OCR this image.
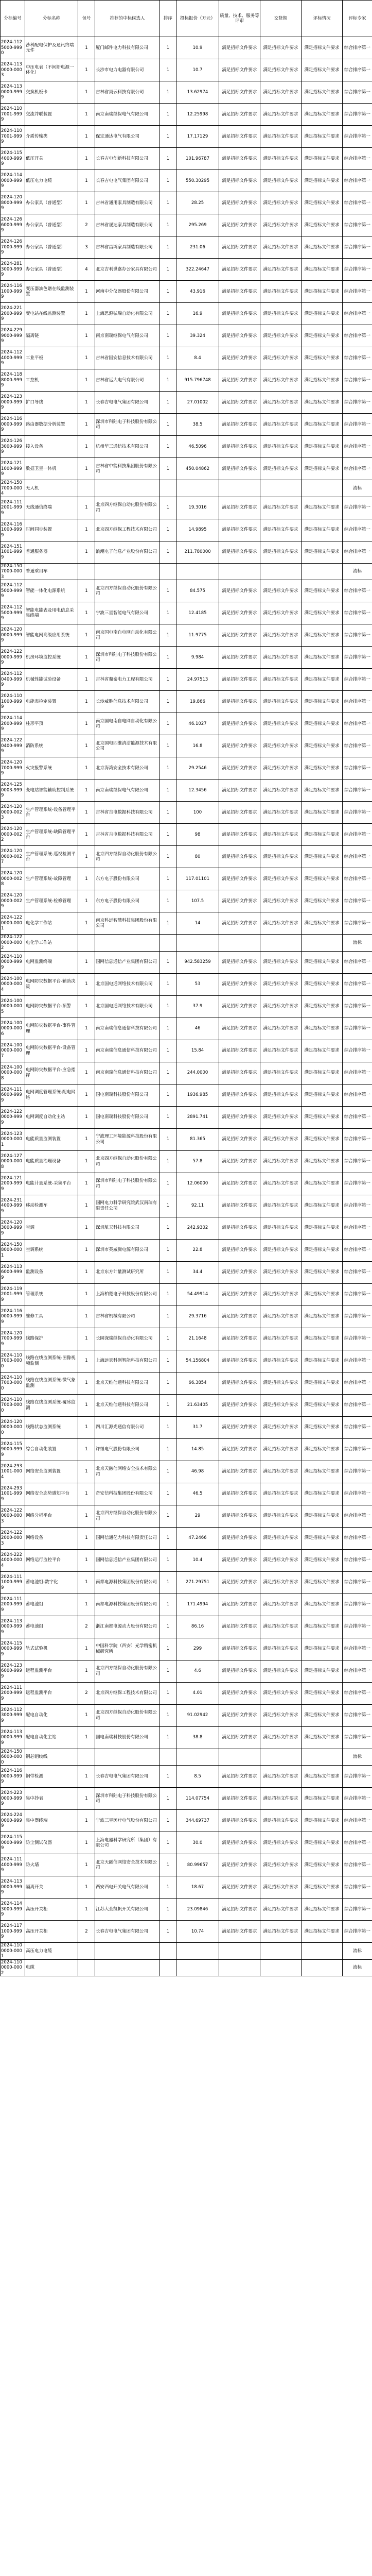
分标编号	分标名称	包号	推荐的中标候选人	排序	投标报价（万元）	质量、技术、服务等评审	交货期	评标情况	评标专家
2024-1125000-9990	沙科配电保护及通讯终端元件	1	厦门邮件电力科技有限公司	1	10.9	满足招标文件要求	满足招标文件要求	满足招标文件要求	综合排序第一
2024-1130000-0003	中压电表（不间断电源一体化）	1	长沙市电力电器有限公司	1	10.7	满足招标文件要求	满足招标文件要求	满足招标文件要求	综合排序第一
2024-1130000-9999	交换机板卡	1	吉林省昊云科技有限公司	1	13.62974	满足招标文件要求	满足招标文件要求	满足招标文件要求	综合排序第一
2024-1107001-9999	交流并联装置	1	南京南瑞继保电气有限公司	1	12.25998	满足招标文件要求	满足招标文件要求	满足招标文件要求	综合排序第一
2024-1107001-9999	介质传输类	1	保定通达电气有限公司	1	17.17129	满足招标文件要求	满足招标文件要求	满足招标文件要求	综合排序第一
2024-1154000-9999	低压开关	1	长春吉电创新科技有限公司	1	101.96787	满足招标文件要求	满足招标文件要求	满足招标文件要求	综合排序第一
2024-1140000-9999	低压电力电缆	1	长春吉电电气集团有限公司	1	550.30295	满足招标文件要求	满足招标文件要求	满足招标文件要求	综合排序第一
2024-1208000-9999	办公家具（普通型）	1	吉林省通用家具制造有限公司	1	28.25	满足招标文件要求	满足招标文件要求	满足招标文件要求	综合排序第一
2024-1266000-9999	办公家具（普通型）	2	吉林省晟达家具制造有限公司	1	295.269	满足招标文件要求	满足招标文件要求	满足招标文件要求	综合排序第一
2024-1267000-9999	办公家具（普通型）	3	吉林省昌鸿家具制造有限公司	1	231.06	满足招标文件要求	满足招标文件要求	满足招标文件要求	综合排序第一
2024-2813000-9999	办公家具（普通型）	4	北京吉利世嘉办公家具有限公司	1	322.24647	满足招标文件要求	满足招标文件要求	满足招标文件要求	综合排序第一
2024-1161000-9999	变压器油色谱在线监测装置	1	河南中分仪器股份有限公司	1	43.916	满足招标文件要求	满足招标文件要求	满足招标文件要求	综合排序第一
2024-2212000-9999	变电站在线监测装置	1	上海思源弘瑞自动化有限公司	1	16.9	满足招标文件要求	满足招标文件要求	满足招标文件要求	综合排序第一
2024-2299000-9999	隔离链	1	南京南瑞继保电气有限公司	1	39.324	满足招标文件要求	满足招标文件要求	满足招标文件要求	综合排序第一
2024-1124000-9999	工业平板	1	吉林省国安信息技术有限公司	1	8.4	满足招标文件要求	满足招标文件要求	满足招标文件要求	综合排序第一
2024-1188000-9999	工控机	1	吉林省远大电气有限公司	1	915.796748	满足招标文件要求	满足招标文件要求	满足招标文件要求	综合排序第一
2024-1230000-9999	扩口导线	1	长春吉电电气集团有限公司	1	27.01002	满足招标文件要求	满足招标文件要求	满足招标文件要求	综合排序第一
2024-1160000-9999	路由器数据分析装置	1	深圳市科陆电子科技股份有限公司	1	38.5	满足招标文件要求	满足招标文件要求	满足招标文件要求	综合排序第一
2024-1263000-9999	接入设备	1	杭州华三通信技术有限公司	1	46.5096	满足招标文件要求	满足招标文件要求	满足招标文件要求	综合排序第一
2024-1211000-9999	数据卫星一体机	1	吉林省中能科技集团股份有限公司	1	450.04862	满足招标文件要求	满足招标文件要求	满足招标文件要求	综合排序第一
2024-1507000-0004	无人机								流标
2024-1112001-9999	无线通信终端	1	北京四方继保自动化股份有限公司	1	19.3016	满足招标文件要求	满足招标文件要求	满足招标文件要求	综合排序第一
2024-1161000-9999	时间同步装置	1	北京四方继保工程技术有限公司	1	14.9895	满足招标文件要求	满足招标文件要求	满足招标文件要求	综合排序第一
2024-1511001-9999	普通服务器	1	浪潮电子信息产业股份有限公司	1	211.780000	满足招标文件要求	满足招标文件要求	满足招标文件要求	综合排序第一
2024-1507000-0003	普通乘用车								流标
2024-1125000-9999	智能一体化电源系统	1	北京四方继保自动化股份有限公司	1	84.575	满足招标文件要求	满足招标文件要求	满足招标文件要求	综合排序第一
2024-1125000-9999	智能电能表及用电信息采集终端	1	宁波三星智能电气有限公司	1	12.4185	满足招标文件要求	满足招标文件要求	满足招标文件要求	综合排序第一
2024-1200000-9999	智能电网高级应用系统	1	南京国电南自电网自动化有限公司	1	11.9775	满足招标文件要求	满足招标文件要求	满足招标文件要求	综合排序第一
2024-1220000-9999	机房环境监控系统	1	深圳市科陆电子科技股份有限公司	1	9.984	满足招标文件要求	满足招标文件要求	满足招标文件要求	综合排序第一
2024-1120400-9999	机械性能试验设备	1	吉林省鼎泰电力工程有限公司	1	24.97513	满足招标文件要求	满足招标文件要求	满足招标文件要求	综合排序第一
2024-1101000-9999	电能表检定装置	1	长沙威胜信息技术有限公司	1	19.866	满足招标文件要求	满足招标文件要求	满足招标文件要求	综合排序第一
2024-1142000-9999	柱形平顶	1	南京国电南自电网自动化有限公司	1	46.1027	满足招标文件要求	满足招标文件要求	满足招标文件要求	综合排序第一
2024-1220400-9999	消防系统	1	北京国电四维清洁能源技术有限公司	1	16.8	满足招标文件要求	满足招标文件要求	满足招标文件要求	综合排序第一
2024-1207000-9999	火灾报警系统	1	北京海湾安全技术有限公司	1	29.2546	满足招标文件要求	满足招标文件要求	满足招标文件要求	综合排序第一
2024-1250003-9999	变电站智能辅助控制系统	1	南京南瑞继保电气有限公司	1	12.3456	满足招标文件要求	满足招标文件要求	满足招标文件要求	综合排序第一
2024-1200000-0023	生产管理系统-设备管理平台	1	吉林省吉电数据科技有限公司	1	100	满足招标文件要求	满足招标文件要求	满足招标文件要求	综合排序第一
2024-1200000-0022	生产管理系统-缺陷管理平台	1	吉林省吉电数据科技有限公司	1	98	满足招标文件要求	满足招标文件要求	满足招标文件要求	综合排序第一
2024-1200000-0027	生产管理系统-巡视检测平台	1	北京四方继保自动化股份有限公司	1	80	满足招标文件要求	满足招标文件要求	满足招标文件要求	综合排序第一
2024-1200000-0028	生产管理系统-故障管理	1	东方电子股份有限公司	1	117.01101	满足招标文件要求	满足招标文件要求	满足招标文件要求	综合排序第一
2024-1200000-0029	生产管理系统-检修管理	1	东方电子股份有限公司	1	107.5	满足招标文件要求	满足招标文件要求	满足招标文件要求	综合排序第一
2024-1220000-0001	电化学工作站	1	南京科远智慧科技集团股份有限公司	1	14	满足招标文件要求	满足招标文件要求	满足招标文件要求	综合排序第一
2024-1220000-0002	电化学工作站								流标
2024-1100000-9999	电网监测终端	1	国网信息通信产业集团有限公司	1	942.583259	满足招标文件要求	满足招标文件要求	满足招标文件要求	综合排序第一
2024-1000000-0004	电网防灾数据平台-辅助决策	1	北京国电通网络技术有限公司	1	53	满足招标文件要求	满足招标文件要求	满足招标文件要求	综合排序第一
2024-1000000-0005	电网防灾数据平台-预警	1	北京国电通网络技术有限公司	1	37.9	满足招标文件要求	满足招标文件要求	满足招标文件要求	综合排序第一
2024-1000000-0006	电网防灾数据平台-事件管理	1	南京南瑞信息通信科技有限公司	1	46	满足招标文件要求	满足招标文件要求	满足招标文件要求	综合排序第一
2024-1000000-0007	电网防灾数据平台-设备管理	1	南京南瑞信息通信科技有限公司	1	15.84	满足招标文件要求	满足招标文件要求	满足招标文件要求	综合排序第一
2024-1000000-0008	电网防灾数据平台-应急指挥	1	南京南瑞信息通信科技有限公司	1	244.0000	满足招标文件要求	满足招标文件要求	满足招标文件要求	综合排序第一
2024-1116000-9999	电网调度管理系统-配电网络	1	国电南瑞科技股份有限公司	1	1936.985	满足招标文件要求	满足招标文件要求	满足招标文件要求	综合排序第一
2024-1220000-9999	电网调度自动化主站	1	国电南瑞科技股份有限公司	1	2891.741	满足招标文件要求	满足招标文件要求	满足招标文件要求	综合排序第一
2024-1230000-0001	电能质量监测装置	1	宁波理工环境能源科技股份有限公司	1	81.365	满足招标文件要求	满足招标文件要求	满足招标文件要求	综合排序第一
2024-1270000-0008	电能质量治理设备	1	北京四方继保自动化股份有限公司	1	57.8	满足招标文件要求	满足招标文件要求	满足招标文件要求	综合排序第一
2024-1212000-9999	电能计量系统-采集平台	1	深圳市科陆电子科技股份有限公司	1	12.06000	满足招标文件要求	满足招标文件要求	满足招标文件要求	综合排序第一
2024-2314000-9999	移动检测车	1	国网电力科学研究院武汉南瑞有限责任公司	1	92.11	满足招标文件要求	满足招标文件要求	满足招标文件要求	综合排序第一
2024-1203000-9999	空调	1	深圳航天科技有限公司	1	242.9302	满足招标文件要求	满足招标文件要求	满足招标文件要求	综合排序第一
2024-1508000-0001	空调系统	1	深圳市英威腾电源有限公司	1	22.8	满足招标文件要求	满足招标文件要求	满足招标文件要求	综合排序第一
2024-1136000-9999	监测设备	1	北京东方计量测试研究所	1	34.4	满足招标文件要求	满足招标文件要求	满足招标文件要求	综合排序第一
2024-1192001-9999	管理系统	1	上海柏楚电子科技股份有限公司	1	54.49914	满足招标文件要求	满足招标文件要求	满足招标文件要求	综合排序第一
2024-1160000-9999	维修工具	1	吉林省机械有限公司	1	29.3716	满足招标文件要求	满足招标文件要求	满足招标文件要求	综合排序第一
2024-1207000-9999	线路保护	1	长园深瑞继保自动化有限公司	1	21.1648	满足招标文件要求	满足招标文件要求	满足招标文件要求	综合排序第一
2024-1107003-0000	线路在线监测系统-图像视频监测	1	上海远景科创智能科技有限公司	1	54.156804	满足招标文件要求	满足招标文件要求	满足招标文件要求	综合排序第一
2024-1107003-0000	线路在线监测系统-微气象监测	1	北京天维信通科技有限公司	1	66.3854	满足招标文件要求	满足招标文件要求	满足招标文件要求	综合排序第一
2024-1107003-0000	线路在线监测系统-覆冰监测	1	北京天维信通科技有限公司	1	21.63405	满足招标文件要求	满足招标文件要求	满足招标文件要求	综合排序第一
2024-1200000-0000	线路状态监测系统	1	四川汇源光通信有限公司	1	31.7	满足招标文件要求	满足招标文件要求	满足招标文件要求	综合排序第一
2024-1159000-9999	综合自动化装置	1	许继电气股份有限公司	1	14.85	满足招标文件要求	满足招标文件要求	满足招标文件要求	综合排序第一
2024-2931001-0004	网络安全监测装置	1	北京天融信网络安全技术有限公司	1	46.98	满足招标文件要求	满足招标文件要求	满足招标文件要求	综合排序第一
2024-2931001-9999	网络安全态势感知平台	1	奇安信科技集团股份有限公司	1	46.5	满足招标文件要求	满足招标文件要求	满足招标文件要求	综合排序第一
2024-1220000-0003	网络分析平台	1	北京四方继保自动化股份有限公司	1	29	满足招标文件要求	满足招标文件要求	满足招标文件要求	综合排序第一
2024-1222000-0003	网络设备	1	国网信通亿力科技有限责任公司	1	47.2466	满足招标文件要求	满足招标文件要求	满足招标文件要求	综合排序第一
2024-2224000-0004	网络运行监控平台	1	国网信息通信产业集团有限公司	1	10.4	满足招标文件要求	满足招标文件要求	满足招标文件要求	综合排序第一
2024-1111000-9999	蓄电池组-数字化	1	南都电源科技集团股份有限公司	1	271.29751	满足招标文件要求	满足招标文件要求	满足招标文件要求	综合排序第一
2024-1112000-9999	蓄电池组	1	南都电源科技集团股份有限公司	1	171.4994	满足招标文件要求	满足招标文件要求	满足招标文件要求	综合排序第一
2024-1130000-9999	蓄电池组	2	浙江南都电源动力股份有限公司	1	86.16	满足招标文件要求	满足招标文件要求	满足招标文件要求	综合排序第一
2024-1150000-9999	轨式试验机	1	中国科学院（西安）光学精密机械研究所	1	299	满足招标文件要求	满足招标文件要求	满足招标文件要求	综合排序第一
2024-1236000-9999	远程监测平台	1	北京四方继保自动化股份有限公司	1	4.6	满足招标文件要求	满足招标文件要求	满足招标文件要求	综合排序第一
2024-1112000-9999	远程监测平台	2	北京四方继保工程技术有限公司	1	4.01	满足招标文件要求	满足招标文件要求	满足招标文件要求	综合排序第一
2024-1123000-9999	配电自动化	1	北京四方继保自动化股份有限公司	1	91.02942	满足招标文件要求	满足招标文件要求	满足招标文件要求	综合排序第一
2024-1130000-9999	配电自动化主站	1	国电南瑞科技股份有限公司	1	38.8	满足招标文件要求	满足招标文件要求	满足招标文件要求	综合排序第一
2024-1506000-0000	钢芯铝绞线								流标
2024-1160000-9999	钢带检测	1	长春吉电电气集团有限公司	1	8.5	满足招标文件要求	满足招标文件要求	满足招标文件要求	综合排序第一
2024-2230000-9999	集中抄表	1	深圳市科陆电子科技股份有限公司	1	114.07754	满足招标文件要求	满足招标文件要求	满足招标文件要求	综合排序第一
2024-2240000-9999	集中器终端	1	宁波三星医疗电气股份有限公司	1	344.69737	满足招标文件要求	满足招标文件要求	满足招标文件要求	综合排序第一
2024-1150000-9999	防尘测试仪器	1	上海电器科学研究所（集团）有限公司	1	30.0	满足招标文件要求	满足招标文件要求	满足招标文件要求	综合排序第一
2024-1114000-9999	防火墙	1	北京天融信网络安全技术有限公司	1	80.99657	满足招标文件要求	满足招标文件要求	满足招标文件要求	综合排序第一
2024-1130000-9999	隔离开关	1	西安西电开关电气有限公司	1	18.67	满足招标文件要求	满足招标文件要求	满足招标文件要求	综合排序第一
2024-1143000-9999	高压开关柜	1	江苏大全凯帆开关有限公司	1	23.09846	满足招标文件要求	满足招标文件要求	满足招标文件要求	综合排序第一
2024-1171000-9999	高压开关柜	2	长春吉电电气集团有限公司	1	10.74	满足招标文件要求	满足招标文件要求	满足招标文件要求	综合排序第一
2024-1100000-0001	高压电力电缆								流标
2024-1100000-0002	电缆								流标
